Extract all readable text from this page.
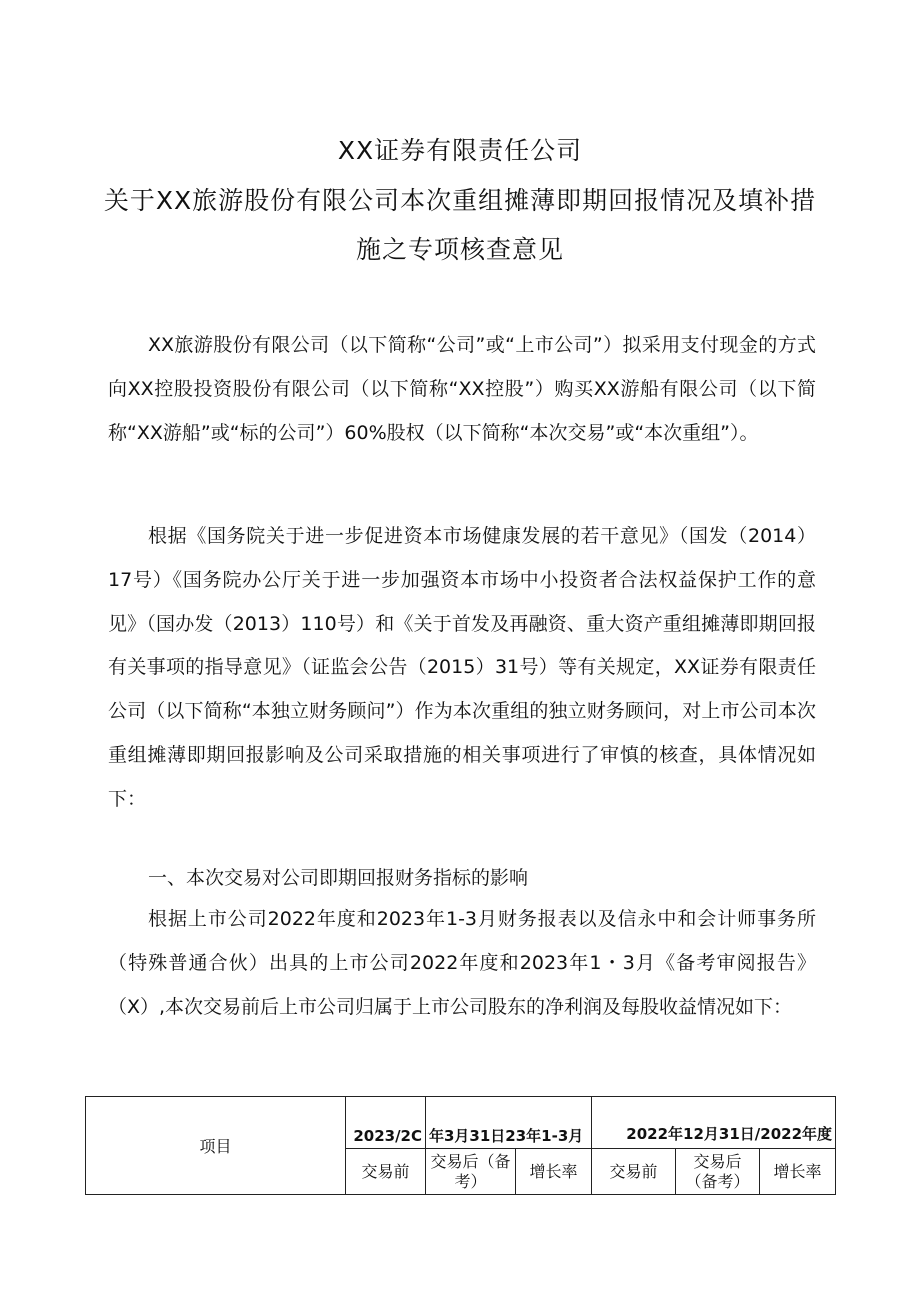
XX证券有限责任公司
关于XX旅游股份有限公司本次重组摊薄即期回报情况及填补措
施之专项核查意见

XX旅游股份有限公司（以下简称“公司”或“上市公司”）拟采用支付现金的方式向XX控股投资股份有限公司（以下简称“XX控股”）购买XX游船有限公司（以下简称“XX游船”或“标的公司”）60%股权（以下简称“本次交易”或“本次重组”）。

根据《国务院关于进一步促进资本市场健康发展的若干意见》（国发（2014）17号）《国务院办公厅关于进一步加强资本市场中小投资者合法权益保护工作的意见》（国办发（2013）110号）和《关于首发及再融资、重大资产重组摊薄即期回报有关事项的指导意见》（证监会公告（2015）31号）等有关规定，XX证券有限责任公司（以下简称“本独立财务顾问”）作为本次重组的独立财务顾问，对上市公司本次重组摊薄即期回报影响及公司采取措施的相关事项进行了审慎的核查，具体情况如下：

一、本次交易对公司即期回报财务指标的影响

根据上市公司2022年度和2023年1-3月财务报表以及信永中和会计师事务所（特殊普通合伙）出具的上市公司2022年度和2023年1・3月《备考审阅报告》（X）,本次交易前后上市公司归属于上市公司股东的净利润及每股收益情况如下：

项目	2023/2C	年3月31日23年1-3月		2022年12月31日/2022年度		
	交易前	交易后（备考）	增长率	交易前	交易后（备考）	增长率
